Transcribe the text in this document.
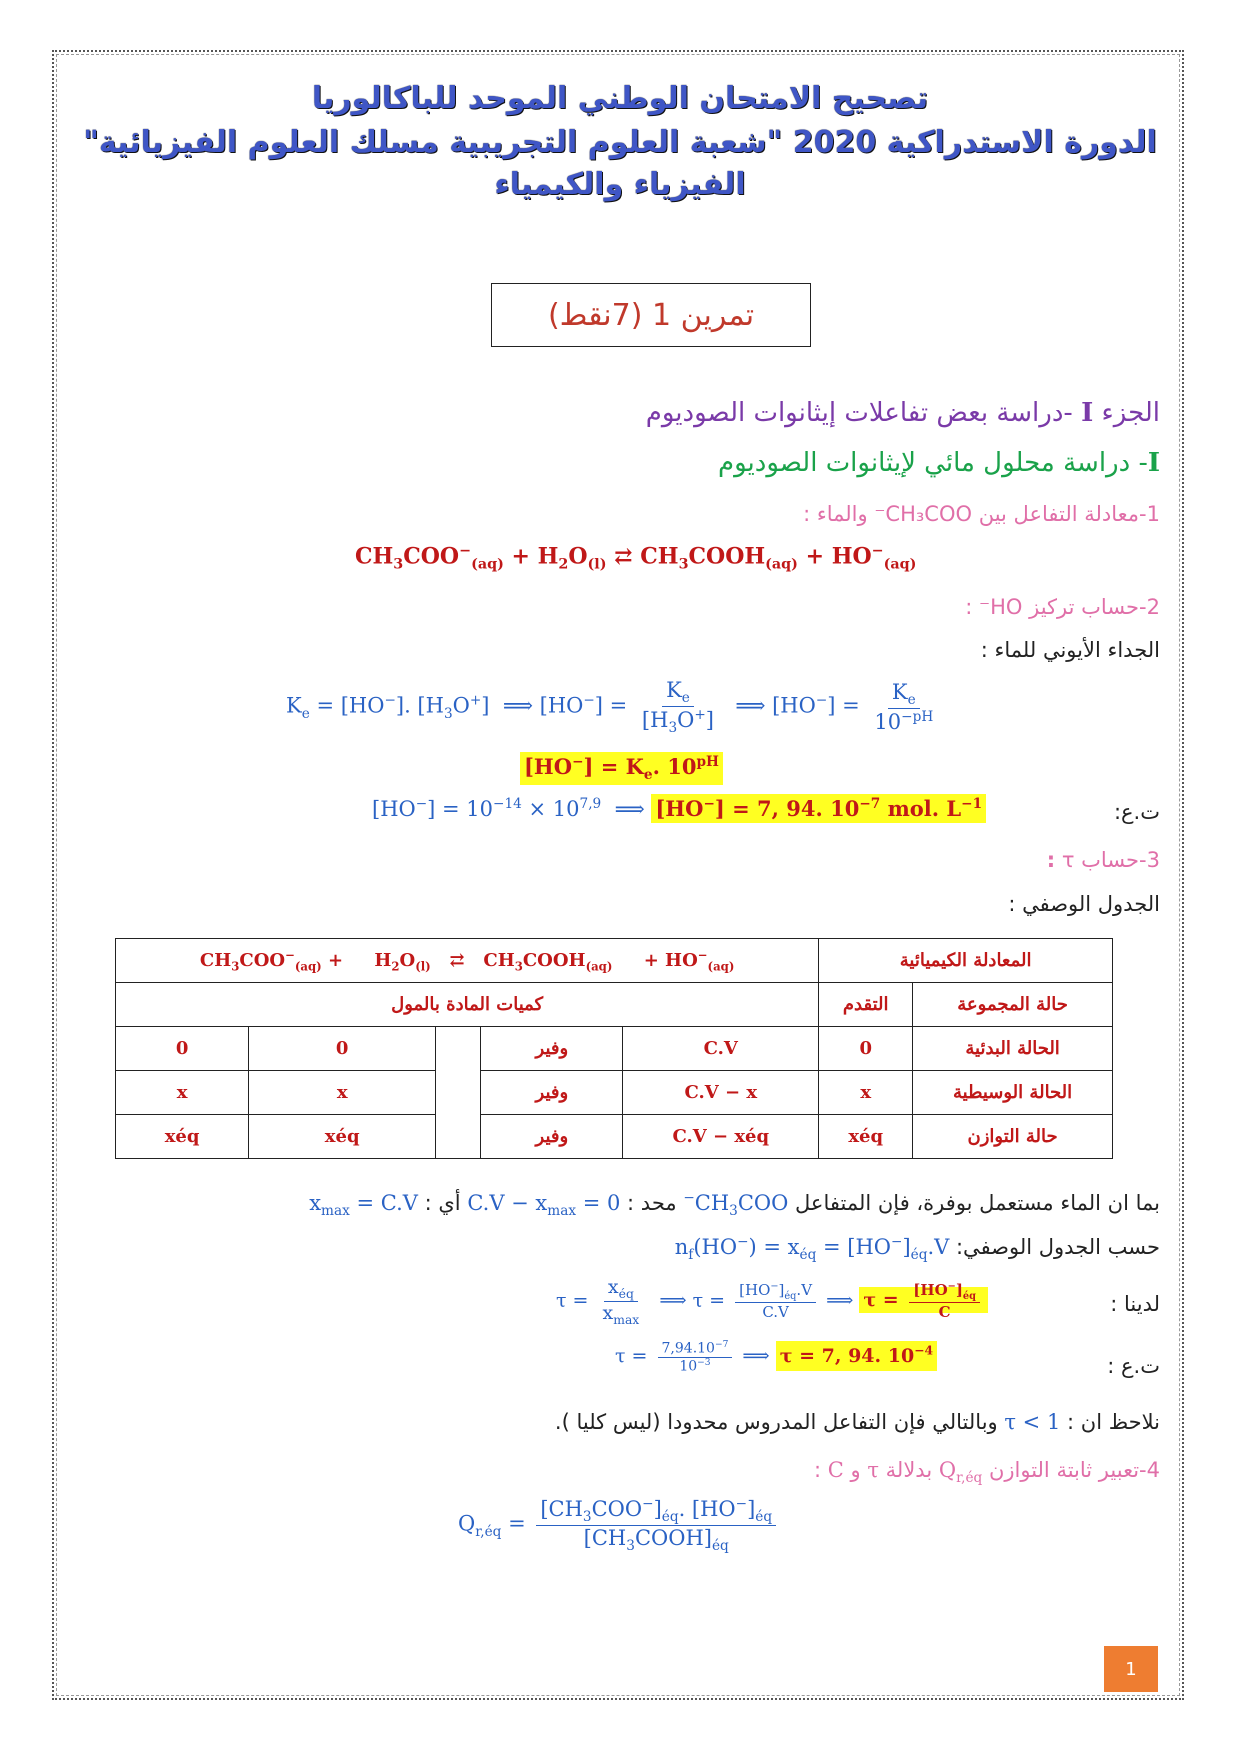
تصحيح الامتحان الوطني الموحد للباكالوريا
الدورة الاستدراكية 2020 "شعبة العلوم التجريبية مسلك العلوم الفيزيائية"
الفيزياء والكيمياء
تمرين 1 (7نقط)
الجزء I -دراسة بعض تفاعلات إيثانوات الصوديوم
I- دراسة محلول مائي لإيثانوات الصوديوم
1-معادلة التفاعل بين CH₃COO⁻ والماء :
$CH_3COO^-_{(aq)} + H_2O_{(l)}$ ⇄ $CH_3COOH_{(aq)} + HO^-_{(aq)}$
2-حساب تركيز HO⁻ :
الجداء الأيوني للماء :
$K_e = [HO^-]$. $[H_3O^+]$  ⟹ $[HO^-] = \frac{K_e}{[H_3O^+]}$ ⟹ $[HO^-] = \frac{K_e}{10^{-pH}}$
$[HO^-] = K_e$. $10^{pH}$
ت.ع:
$[HO^-] = 10^{-14} \times 10^{7,9}$  ⟹ [HO−] = 7, 94. $10^{-7}$ mol. $L^{-1}$
3-حساب τ :
الجدول الوصفي :
المعادلة الكيميائية		$CH_3COO^-_{(aq)}$ +     $H_2O_{(l)}$   ⇄   $CH_3COOH_{(aq)}$     + $HO^-_{(aq)}$
حالة المجموعة	التقدم	كميات المادة بالمول				
الحالة البدئية	0	C.V	وفير		0	0
الحالة الوسيطية	x	C.V − x	وفير		x	x
حالة التوازن	xéq	C.V − xéq	وفير		xéq	xéq
بما ان الماء مستعمل بوفرة، فإن المتفاعل $CH_3COO^-$ محد : $C.V - x_{max} = 0$ أي : $x_{max} = C.V$
حسب الجدول الوصفي: $n_f(HO^-) = x_{éq} = [HO^-]_{éq}.V$
لدينا :
$\tau = \frac{x_{éq}}{x_{max}}$ ⟹ $\tau = \frac{[HO^-]_{éq}.V}{C.V}$ ⟹ $\tau = \frac{[HO^-]_{éq}}{C}$
ت.ع :
$\tau = \frac{7,94.10^{-7}}{10^{-3}}$ ⟹ τ = 7, 94. $10^{-4}$
نلاحظ ان : 1 > τ وبالتالي فإن التفاعل المدروس محدودا (ليس كليا ).
4-تعبير ثابتة التوازن $Q_{r,éq}$ بدلالة τ و C :
$Q_{r,éq} = \frac{[CH_3COO^-]_{éq}. [HO^-]_{éq}}{[CH_3COOH]_{éq}}$
1
